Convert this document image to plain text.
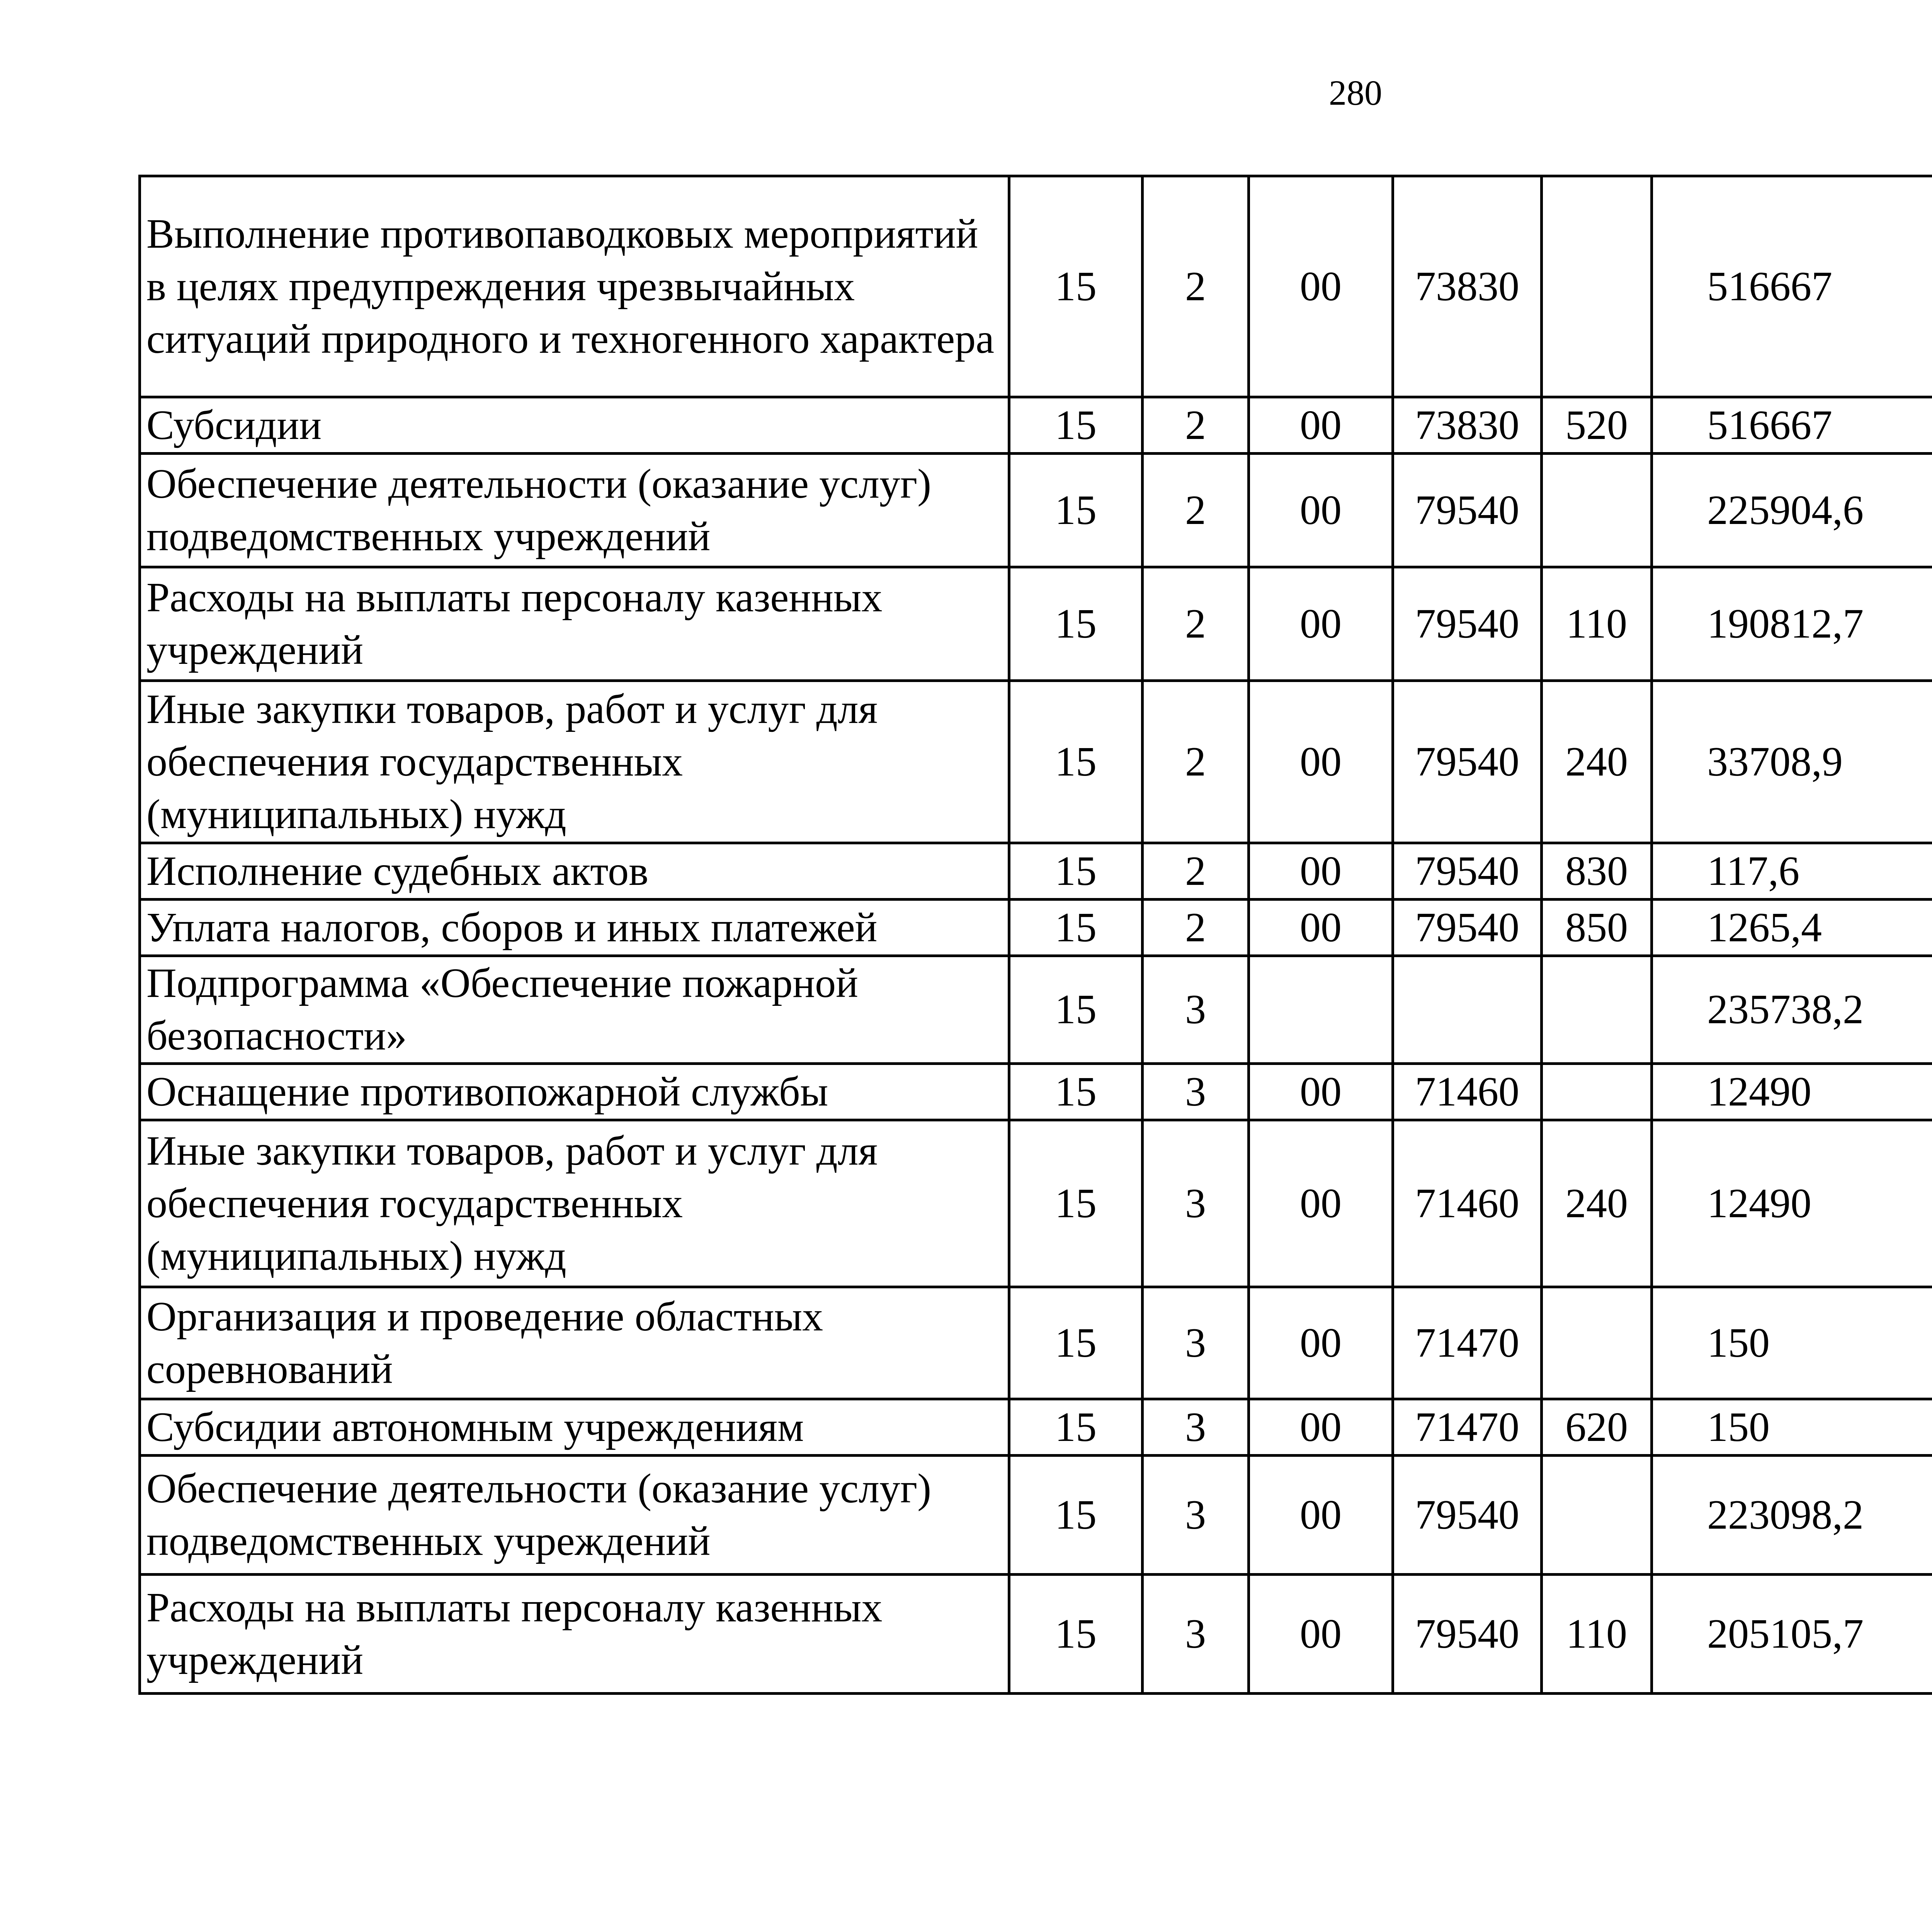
280
Выполнение противопаводковых мероприятий в целях предупреждения чрезвычайных ситуаций природного и техногенного характера	15	2	00	73830		516667		
Субсидии	15	2	00	73830	520	516667		
Обеспечение деятельности (оказание услуг) подведомственных учреждений	15	2	00	79540		225904,6		
Расходы на выплаты персоналу казенных учреждений	15	2	00	79540	110	190812,7		
Иные закупки товаров, работ и услуг для обеспечения государственных (муниципальных) нужд	15	2	00	79540	240	33708,9		
Исполнение судебных актов	15	2	00	79540	830	117,6		
Уплата налогов, сборов и иных платежей	15	2	00	79540	850	1265,4		
Подпрограмма «Обеспечение пожарной безопасности»	15	3				235738,2		
Оснащение противопожарной службы	15	3	00	71460		12490		
Иные закупки товаров, работ и услуг для обеспечения государственных (муниципальных) нужд	15	3	00	71460	240	12490		
Организация и проведение областных соревнований	15	3	00	71470		150		
Субсидии автономным учреждениям	15	3	00	71470	620	150		
Обеспечение деятельности (оказание услуг) подведомственных учреждений	15	3	00	79540		223098,2		
Расходы на выплаты персоналу казенных учреждений	15	3	00	79540	110	205105,7		
